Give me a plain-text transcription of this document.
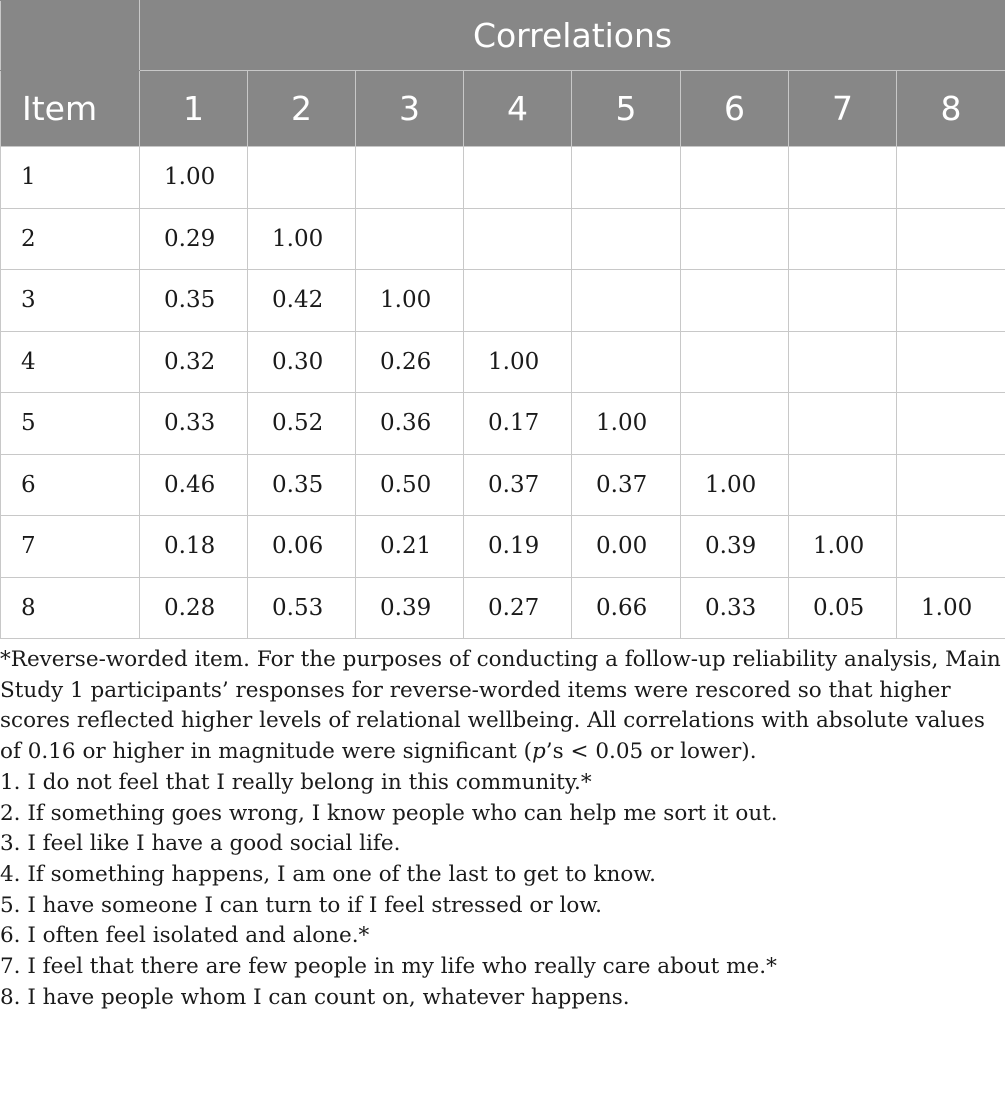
	Correlations							
Item	1	2	3	4	5	6	7	8
1	1.00							
2	0.29	1.00						
3	0.35	0.42	1.00					
4	0.32	0.30	0.26	1.00				
5	0.33	0.52	0.36	0.17	1.00			
6	0.46	0.35	0.50	0.37	0.37	1.00		
7	0.18	0.06	0.21	0.19	0.00	0.39	1.00	
8	0.28	0.53	0.39	0.27	0.66	0.33	0.05	1.00

*Reverse-worded item. For the purposes of conducting a follow-up reliability analysis, Main Study 1 participants’ responses for reverse-worded items were rescored so that higher scores reflected higher levels of relational wellbeing. All correlations with absolute values of 0.16 or higher in magnitude were significant (p’s < 0.05 or lower).

1. I do not feel that I really belong in this community.*

2. If something goes wrong, I know people who can help me sort it out.

3. I feel like I have a good social life.

4. If something happens, I am one of the last to get to know.

5. I have someone I can turn to if I feel stressed or low.

6. I often feel isolated and alone.*

7. I feel that there are few people in my life who really care about me.*

8. I have people whom I can count on, whatever happens.
